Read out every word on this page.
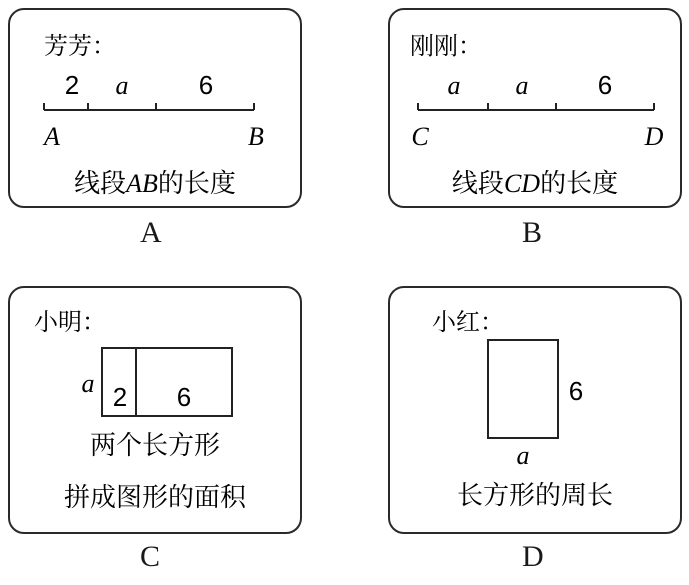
芳芳：
2 a	6
A	B
线段AB的长度
A
刚刚：
a a	6
C	D
线段CD的长度
B
小明：
a 2 6
两个长方形
拼成图形的面积
C
小红：
6
a
长方形的周长
D
